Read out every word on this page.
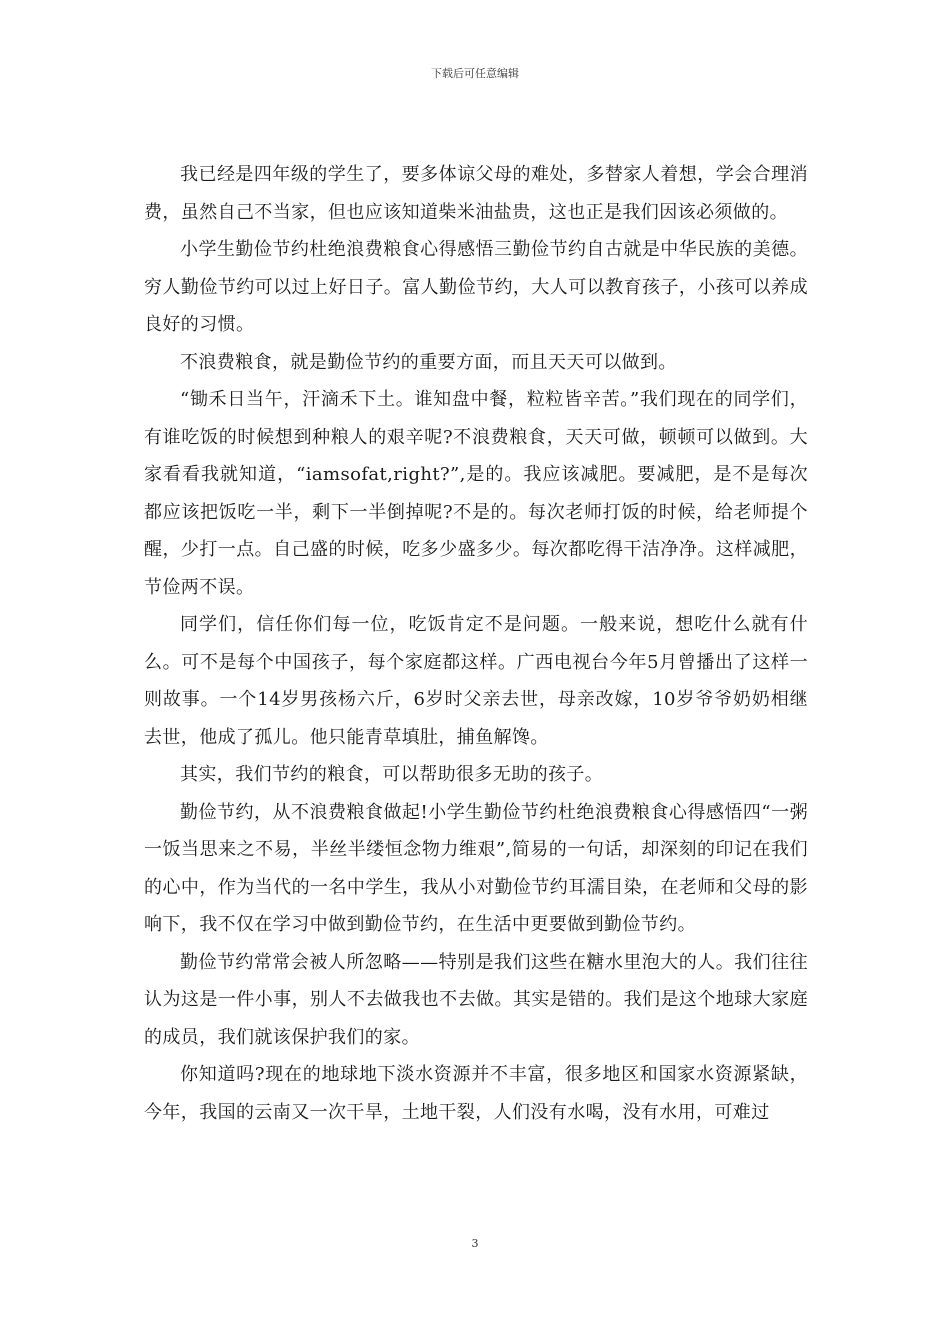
下载后可任意编辑

我已经是四年级的学生了，要多体谅父母的难处，多替家人着想，学会合理消费，虽然自己不当家，但也应该知道柴米油盐贵，这也正是我们因该必须做的。

小学生勤俭节约杜绝浪费粮食心得感悟三勤俭节约自古就是中华民族的美德。穷人勤俭节约可以过上好日子。富人勤俭节约，大人可以教育孩子，小孩可以养成良好的习惯。

不浪费粮食，就是勤俭节约的重要方面，而且天天可以做到。

“锄禾日当午，汗滴禾下土。谁知盘中餐，粒粒皆辛苦。”我们现在的同学们，有谁吃饭的时候想到种粮人的艰辛呢?不浪费粮食，天天可做，顿顿可以做到。大家看看我就知道，“iamsofat,right?”,是的。我应该减肥。要减肥，是不是每次都应该把饭吃一半，剩下一半倒掉呢?不是的。每次老师打饭的时候，给老师提个醒，少打一点。自己盛的时候，吃多少盛多少。每次都吃得干洁净净。这样减肥，节俭两不误。

同学们，信任你们每一位，吃饭肯定不是问题。一般来说，想吃什么就有什么。可不是每个中国孩子，每个家庭都这样。广西电视台今年5月曾播出了这样一则故事。一个14岁男孩杨六斤，6岁时父亲去世，母亲改嫁，10岁爷爷奶奶相继去世，他成了孤儿。他只能青草填肚，捕鱼解馋。

其实，我们节约的粮食，可以帮助很多无助的孩子。

勤俭节约，从不浪费粮食做起!小学生勤俭节约杜绝浪费粮食心得感悟四“一粥一饭当思来之不易，半丝半缕恒念物力维艰”,简易的一句话，却深刻的印记在我们的心中，作为当代的一名中学生，我从小对勤俭节约耳濡目染，在老师和父母的影响下，我不仅在学习中做到勤俭节约，在生活中更要做到勤俭节约。

勤俭节约常常会被人所忽略——特别是我们这些在糖水里泡大的人。我们往往认为这是一件小事，别人不去做我也不去做。其实是错的。我们是这个地球大家庭的成员，我们就该保护我们的家。

你知道吗?现在的地球地下淡水资源并不丰富，很多地区和国家水资源紧缺，今年，我国的云南又一次干旱，土地干裂，人们没有水喝，没有水用，可难过

3
